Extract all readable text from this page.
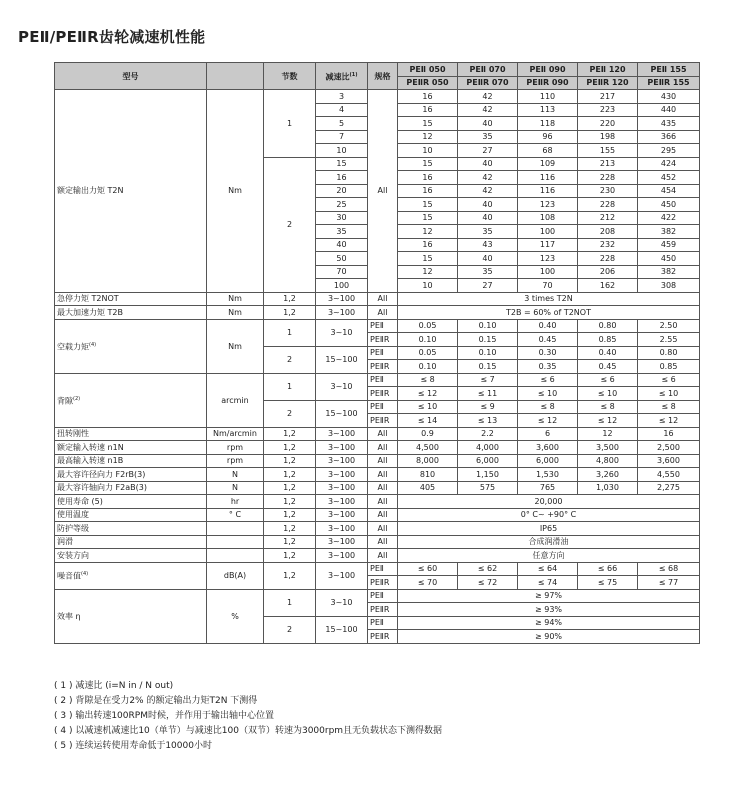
PEⅡ/PEⅡR齿轮减速机性能
型号		节数	减速比$^{(1)}$	规格	PEⅡ 050	PEⅡ 070	PEⅡ 090	PEⅡ 120	PEⅡ 155
					PEⅡR 050	PEⅡR 070	PEⅡR 090	PEⅡR 120	PEⅡR 155
额定输出力矩 T2N	Nm	1	3	All	16	42	110	217	430
			4		16	42	113	223	440
			5		15	40	118	220	435
			7		12	35	96	198	366
			10		10	27	68	155	295
		2	15		15	40	109	213	424
			16		16	42	116	228	452
			20		16	42	116	230	454
			25		15	40	123	228	450
			30		15	40	108	212	422
			35		12	35	100	208	382
			40		16	43	117	232	459
			50		15	40	123	228	450
			70		12	35	100	206	382
			100		10	27	70	162	308
急停力矩 T2NOT	Nm	1,2	3~100	All	3 times T2N				
最大加速力矩 T2B	Nm	1,2	3~100	All	T2B = 60% of T2NOT				
空载力矩$^{(4)}$	Nm	1	3~10	PEⅡ	0.05	0.10	0.40	0.80	2.50
				PEⅡR	0.10	0.15	0.45	0.85	2.55
		2	15~100	PEⅡ	0.05	0.10	0.30	0.40	0.80
				PEⅡR	0.10	0.15	0.35	0.45	0.85
背隙$^{(2)}$	arcmin	1	3~10	PEⅡ	≤ 8	≤ 7	≤ 6	≤ 6	≤ 6
				PEⅡR	≤ 12	≤ 11	≤ 10	≤ 10	≤ 10
		2	15~100	PEⅡ	≤ 10	≤ 9	≤ 8	≤ 8	≤ 8
				PEⅡR	≤ 14	≤ 13	≤ 12	≤ 12	≤ 12
扭转刚性	Nm/arcmin	1,2	3~100	All	0.9	2.2	6	12	16
额定输入转速 n1N	rpm	1,2	3~100	All	4,500	4,000	3,600	3,500	2,500
最高输入转速 n1B	rpm	1,2	3~100	All	8,000	6,000	6,000	4,800	3,600
最大容许径向力 F2rB(3)	N	1,2	3~100	All	810	1,150	1,530	3,260	4,550
最大容许轴向力 F2aB(3)	N	1,2	3~100	All	405	575	765	1,030	2,275
使用寿命 (5)	hr	1,2	3~100	All	20,000				
使用温度	° C	1,2	3~100	All	0° C~ +90° C				
防护等级		1,2	3~100	All	IP65				
润滑		1,2	3~100	All	合成润滑油				
安装方向		1,2	3~100	All	任意方向				
噪音值$^{(4)}$	dB(A)	1,2	3~100	PEⅡ	≤ 60	≤ 62	≤ 64	≤ 66	≤ 68
				PEⅡR	≤ 70	≤ 72	≤ 74	≤ 75	≤ 77
效率 η	%	1	3~10	PEⅡ	≥ 97%				
				PEⅡR	≥ 93%				
		2	15~100	PEⅡ	≥ 94%				
				PEⅡR	≥ 90%				
( 1 ) 减速比 (i=N in / N out)
( 2 ) 背隙是在受力2% 的额定输出力矩T2N 下测得
( 3 ) 输出转速100RPM时候，并作用于输出轴中心位置
( 4 ) 以减速机减速比10（单节）与减速比100（双节）转速为3000rpm且无负载状态下测得数据
( 5 ) 连续运转使用寿命低于10000小时
